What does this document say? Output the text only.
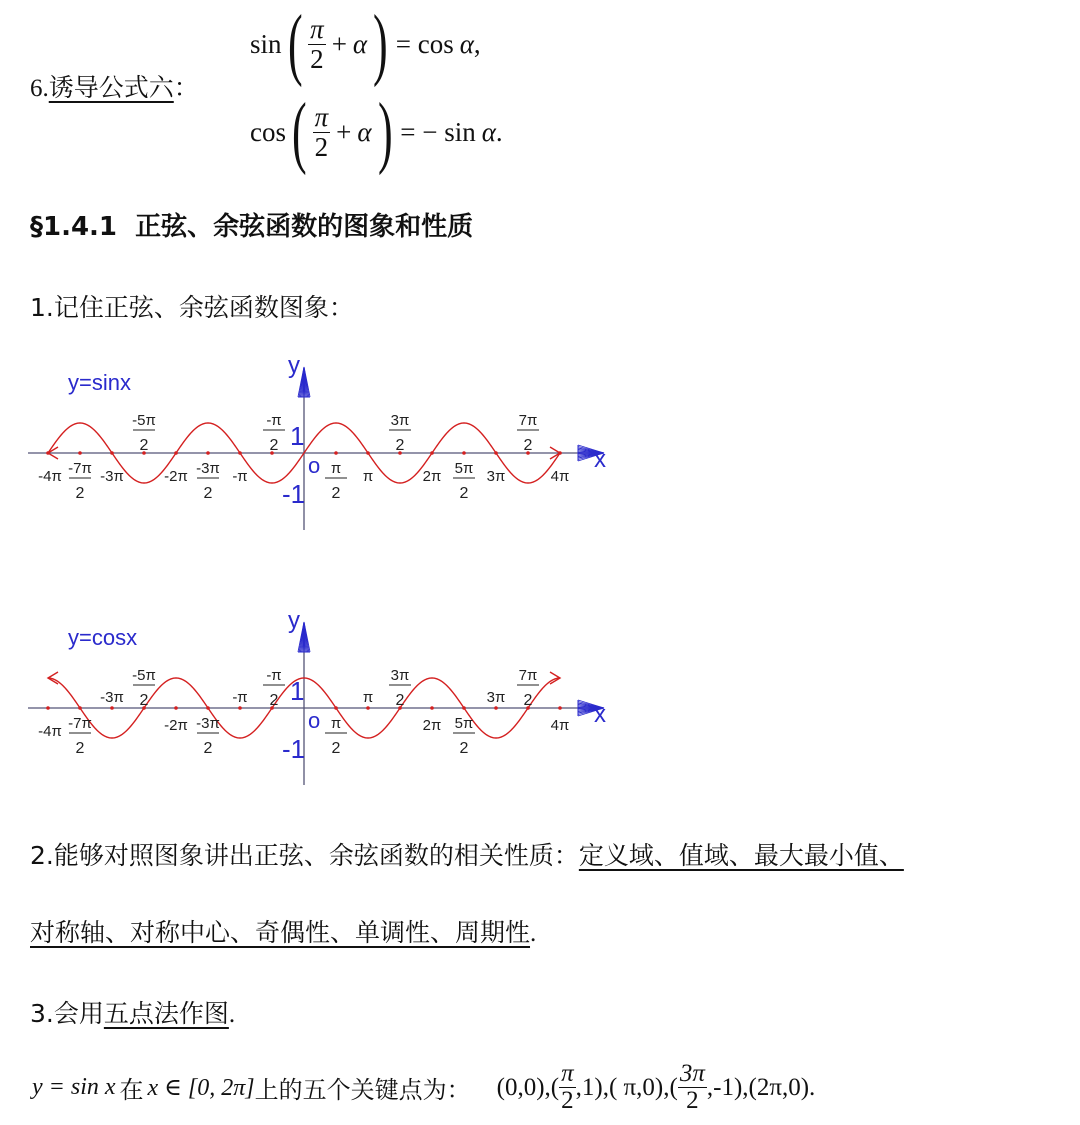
6.诱导公式六：
sin ( $\frac{\pi}{2} + \alpha$ ) = cos α ,
cos ( $\frac{\pi}{2} + \alpha$ ) = − sin α .
§1.4.1  正弦、余弦函数的图象和性质
1.记住正弦、余弦函数图象：
y=sinx
x
y
1
-1
o
-4π -7π
2
-3π
-5π
2
-2π -3π
2
-π
-π
2
π
2
π
3π
2
2π 5π
2
3π
7π
2
4π
y=cosx
x
y
1
-1
o
-4π -7π
2
-3π
-5π
2
-2π -3π
2
-π
-π
2
π
2
π
3π
2
2π 5π
2
3π
7π
2
4π
2.能够对照图象讲出正弦、余弦函数的相关性质：定义域、值域、最大最小值、
对称轴、对称中心、奇偶性、单调性、周期性.
3.会用五点法作图.
y = sin x 在 x ∈ [0, 2π] 上的五个关键点为： $(0,0),( \frac{\pi}{2} ,1)$,( $\pi,0),( \frac{3\pi}{2} ,-1),(2\pi,0)$.
